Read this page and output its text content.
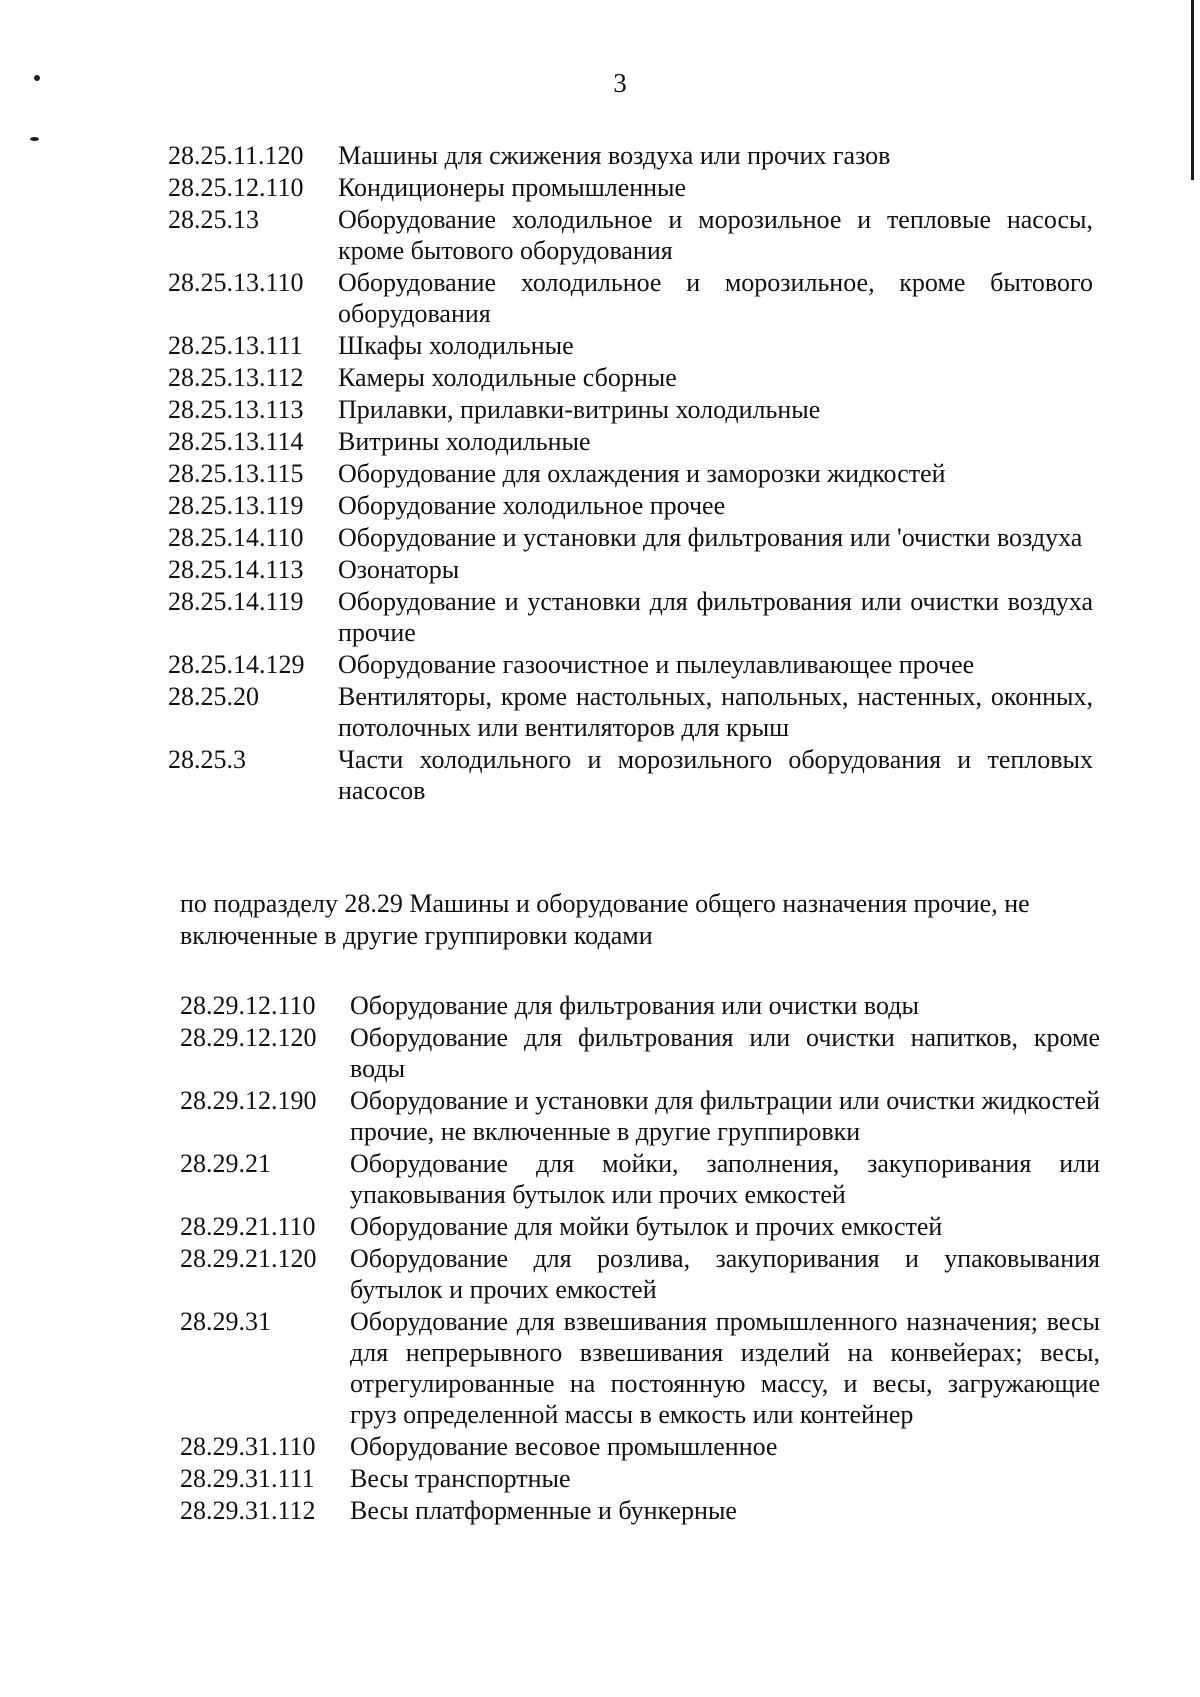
3
28.25.11.120	Машины для сжижения воздуха или прочих газов
28.25.12.110	Кондиционеры промышленные
28.25.13	Оборудование холодильное и морозильное и тепловые насосы, кроме бытового оборудования
28.25.13.110	Оборудование холодильное и морозильное, кроме бытового оборудования
28.25.13.111	Шкафы холодильные
28.25.13.112	Камеры холодильные сборные
28.25.13.113	Прилавки, прилавки-витрины холодильные
28.25.13.114	Витрины холодильные
28.25.13.115	Оборудование для охлаждения и заморозки жидкостей
28.25.13.119	Оборудование холодильное прочее
28.25.14.110	Оборудование и установки для фильтрования или 'очистки воздуха
28.25.14.113	Озонаторы
28.25.14.119	Оборудование и установки для фильтрования или очистки воздуха прочие
28.25.14.129	Оборудование газоочистное и пылеулавливающее прочее
28.25.20	Вентиляторы, кроме настольных, напольных, настенных, оконных, потолочных или вентиляторов для крыш
28.25.3	Части холодильного и морозильного оборудования и тепловых насосов
по подразделу 28.29 Машины и оборудование общего назначения прочие, не включенные в другие группировки кодами
28.29.12.110	Оборудование для фильтрования или очистки воды
28.29.12.120	Оборудование для фильтрования или очистки напитков, кроме воды
28.29.12.190	Оборудование и установки для фильтрации или очистки жидкостей прочие, не включенные в другие группировки
28.29.21	Оборудование для мойки, заполнения, закупоривания или упаковывания бутылок или прочих емкостей
28.29.21.110	Оборудование для мойки бутылок и прочих емкостей
28.29.21.120	Оборудование для розлива, закупоривания и упаковывания бутылок и прочих емкостей
28.29.31	Оборудование для взвешивания промышленного назначения; весы для непрерывного взвешивания изделий на конвейерах; весы, отрегулированные на постоянную массу, и весы, загружающие груз определенной массы в емкость или контейнер
28.29.31.110	Оборудование весовое промышленное
28.29.31.111	Весы транспортные
28.29.31.112	Весы платформенные и бункерные
